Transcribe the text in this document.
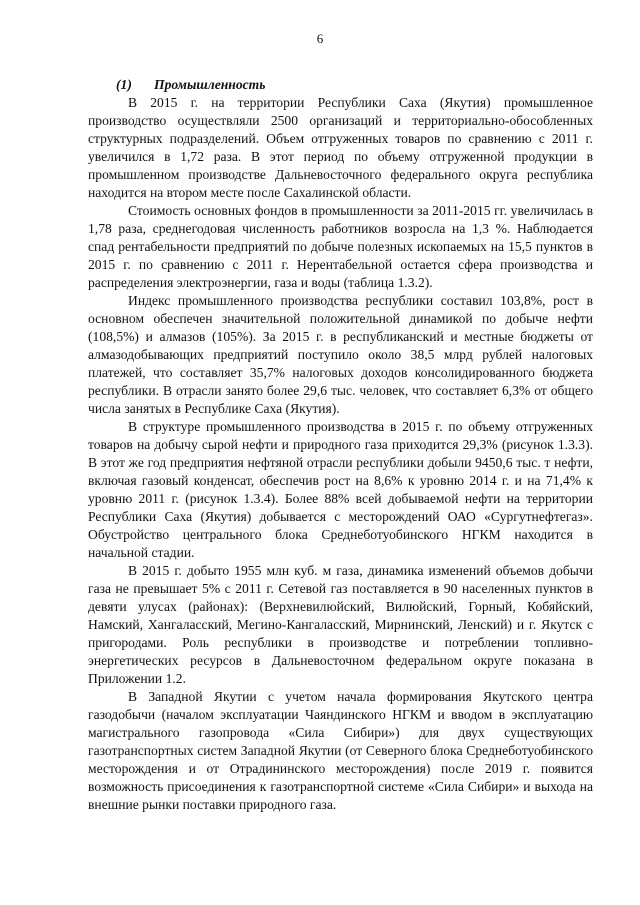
6
(1) Промышленность

В 2015 г. на территории Республики Саха (Якутия) промышленное производство осуществляли 2500 организаций и территориально-обособленных структурных подразделений. Объем отгруженных товаров по сравнению с 2011 г. увеличился в 1,72 раза. В этот период по объему отгруженной продукции в промышленном производстве Дальневосточного федерального округа республика находится на втором месте после Сахалинской области.

Стоимость основных фондов в промышленности за 2011-2015 гг. увеличилась в 1,78 раза, среднегодовая численность работников возросла на 1,3 %. Наблюдается спад рентабельности предприятий по добыче полезных ископаемых на 15,5 пунктов в 2015 г. по сравнению с 2011 г. Нерентабельной остается сфера производства и распределения электроэнергии, газа и воды (таблица 1.3.2).

Индекс промышленного производства республики составил 103,8%, рост в основном обеспечен значительной положительной динамикой по добыче нефти (108,5%) и алмазов (105%). За 2015 г. в республиканский и местные бюджеты от алмазодобывающих предприятий поступило около 38,5 млрд рублей налоговых платежей, что составляет 35,7% налоговых доходов консолидированного бюджета республики. В отрасли занято более 29,6 тыс. человек, что составляет 6,3% от общего числа занятых в Республике Саха (Якутия).

В структуре промышленного производства в 2015 г. по объему отгруженных товаров на добычу сырой нефти и природного газа приходится 29,3% (рисунок 1.3.3). В этот же год предприятия нефтяной отрасли республики добыли 9450,6 тыс. т нефти, включая газовый конденсат, обеспечив рост на 8,6% к уровню 2014 г. и на 71,4% к уровню 2011 г. (рисунок 1.3.4). Более 88% всей добываемой нефти на территории Республики Саха (Якутия) добывается с месторождений ОАО «Сургутнефтегаз». Обустройство центрального блока Среднеботуобинского НГКМ находится в начальной стадии.

В 2015 г. добыто 1955 млн куб. м газа, динамика изменений объемов добычи газа не превышает 5% с 2011 г. Сетевой газ поставляется в 90 населенных пунктов в девяти улусах (районах): (Верхневилюйский, Вилюйский, Горный, Кобяйский, Намский, Хангаласский, Мегино-Кангаласский, Мирнинский, Ленский) и г. Якутск с пригородами. Роль республики в производстве и потреблении топливно-энергетических ресурсов в Дальневосточном федеральном округе показана в Приложении 1.2.

В Западной Якутии с учетом начала формирования Якутского центра газодобычи (началом эксплуатации Чаяндинского НГКМ и вводом в эксплуатацию магистрального газопровода «Сила Сибири») для двух существующих газотранспортных систем Западной Якутии (от Северного блока Среднеботуобинского месторождения и от Отрадининского месторождения) после 2019 г. появится возможность присоединения к газотранспортной системе «Сила Сибири» и выхода на внешние рынки поставки природного газа.
